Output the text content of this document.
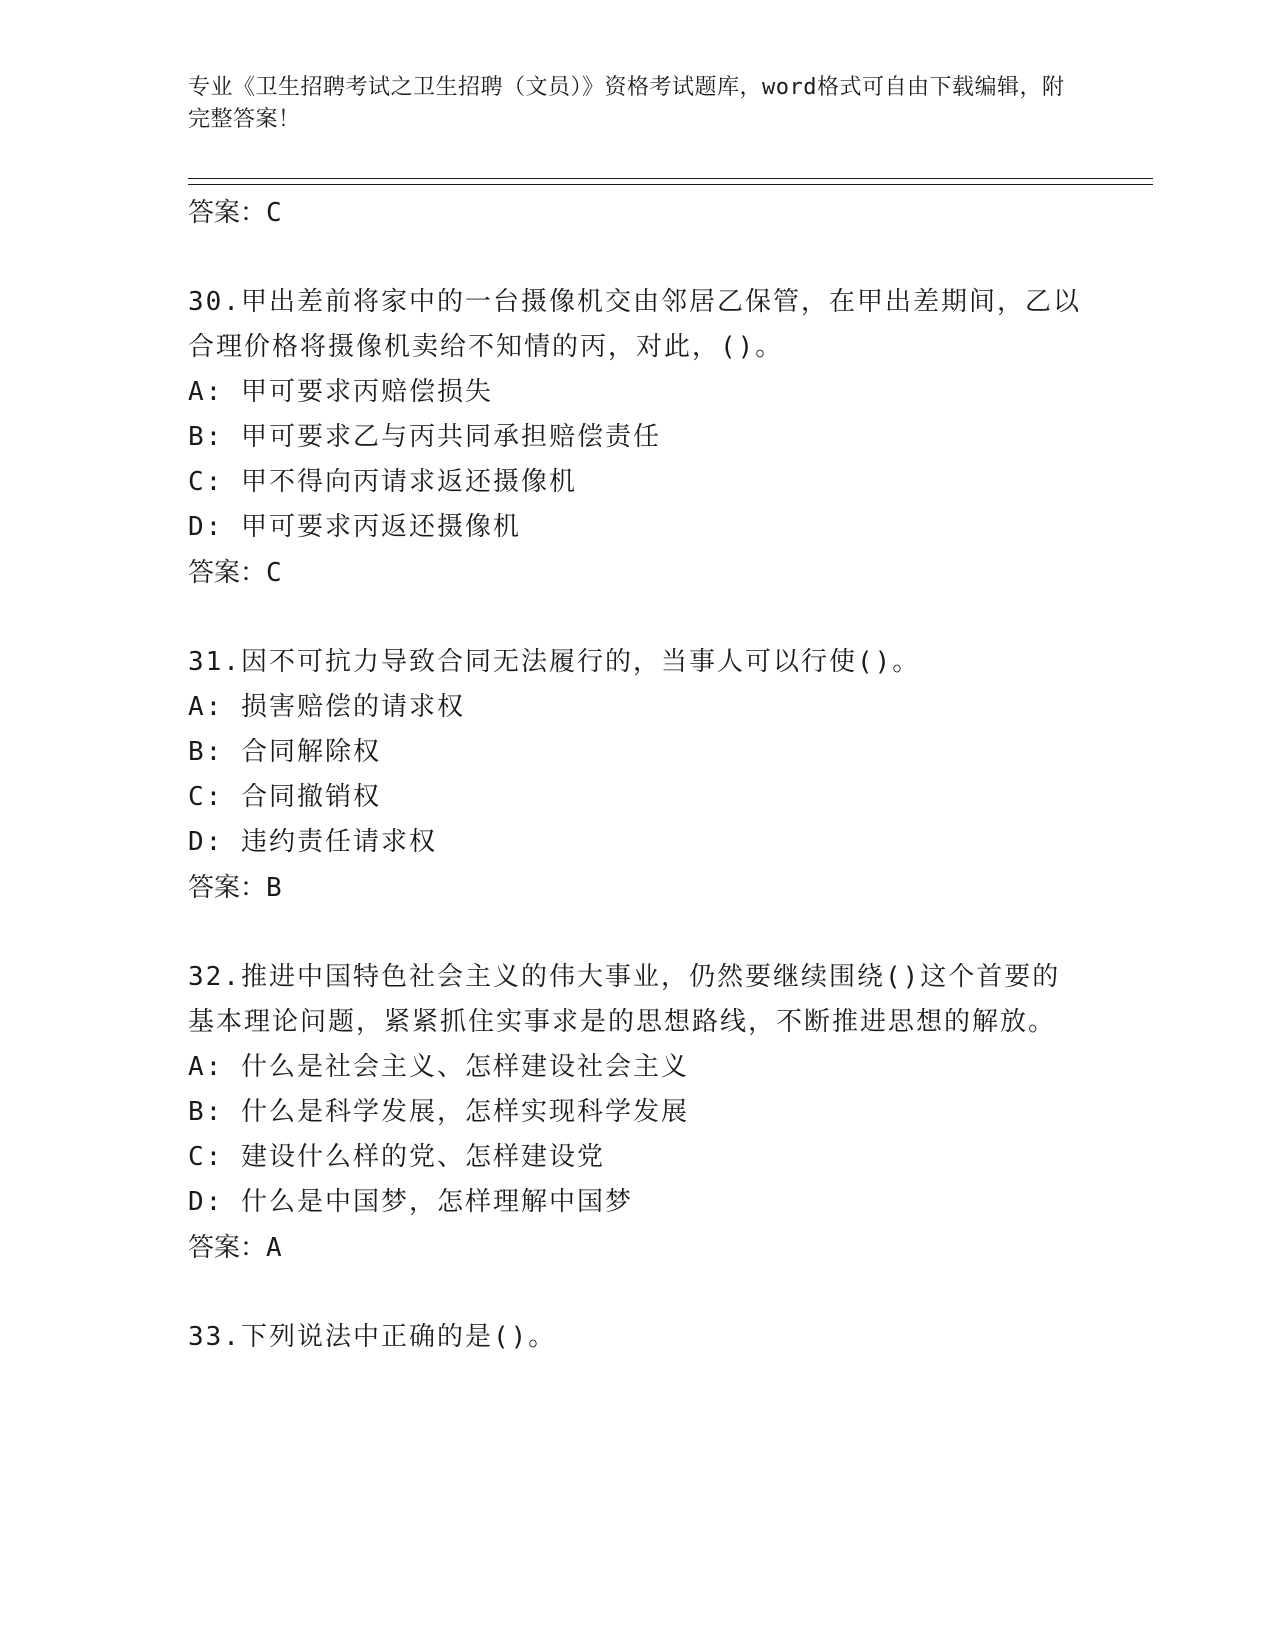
专业《卫生招聘考试之卫生招聘（文员）》资格考试题库，word格式可自由下载编辑，附完整答案！
答案：C
30.甲出差前将家中的一台摄像机交由邻居乙保管，在甲出差期间，乙以合理价格将摄像机卖给不知情的丙，对此，()。
A: 甲可要求丙赔偿损失
B: 甲可要求乙与丙共同承担赔偿责任
C: 甲不得向丙请求返还摄像机
D: 甲可要求丙返还摄像机
答案：C
31.因不可抗力导致合同无法履行的，当事人可以行使()。
A: 损害赔偿的请求权
B: 合同解除权
C: 合同撤销权
D: 违约责任请求权
答案：B
32.推进中国特色社会主义的伟大事业，仍然要继续围绕()这个首要的基本理论问题，紧紧抓住实事求是的思想路线，不断推进思想的解放。
A: 什么是社会主义、怎样建设社会主义
B: 什么是科学发展，怎样实现科学发展
C: 建设什么样的党、怎样建设党
D: 什么是中国梦，怎样理解中国梦
答案：A
33.下列说法中正确的是()。
